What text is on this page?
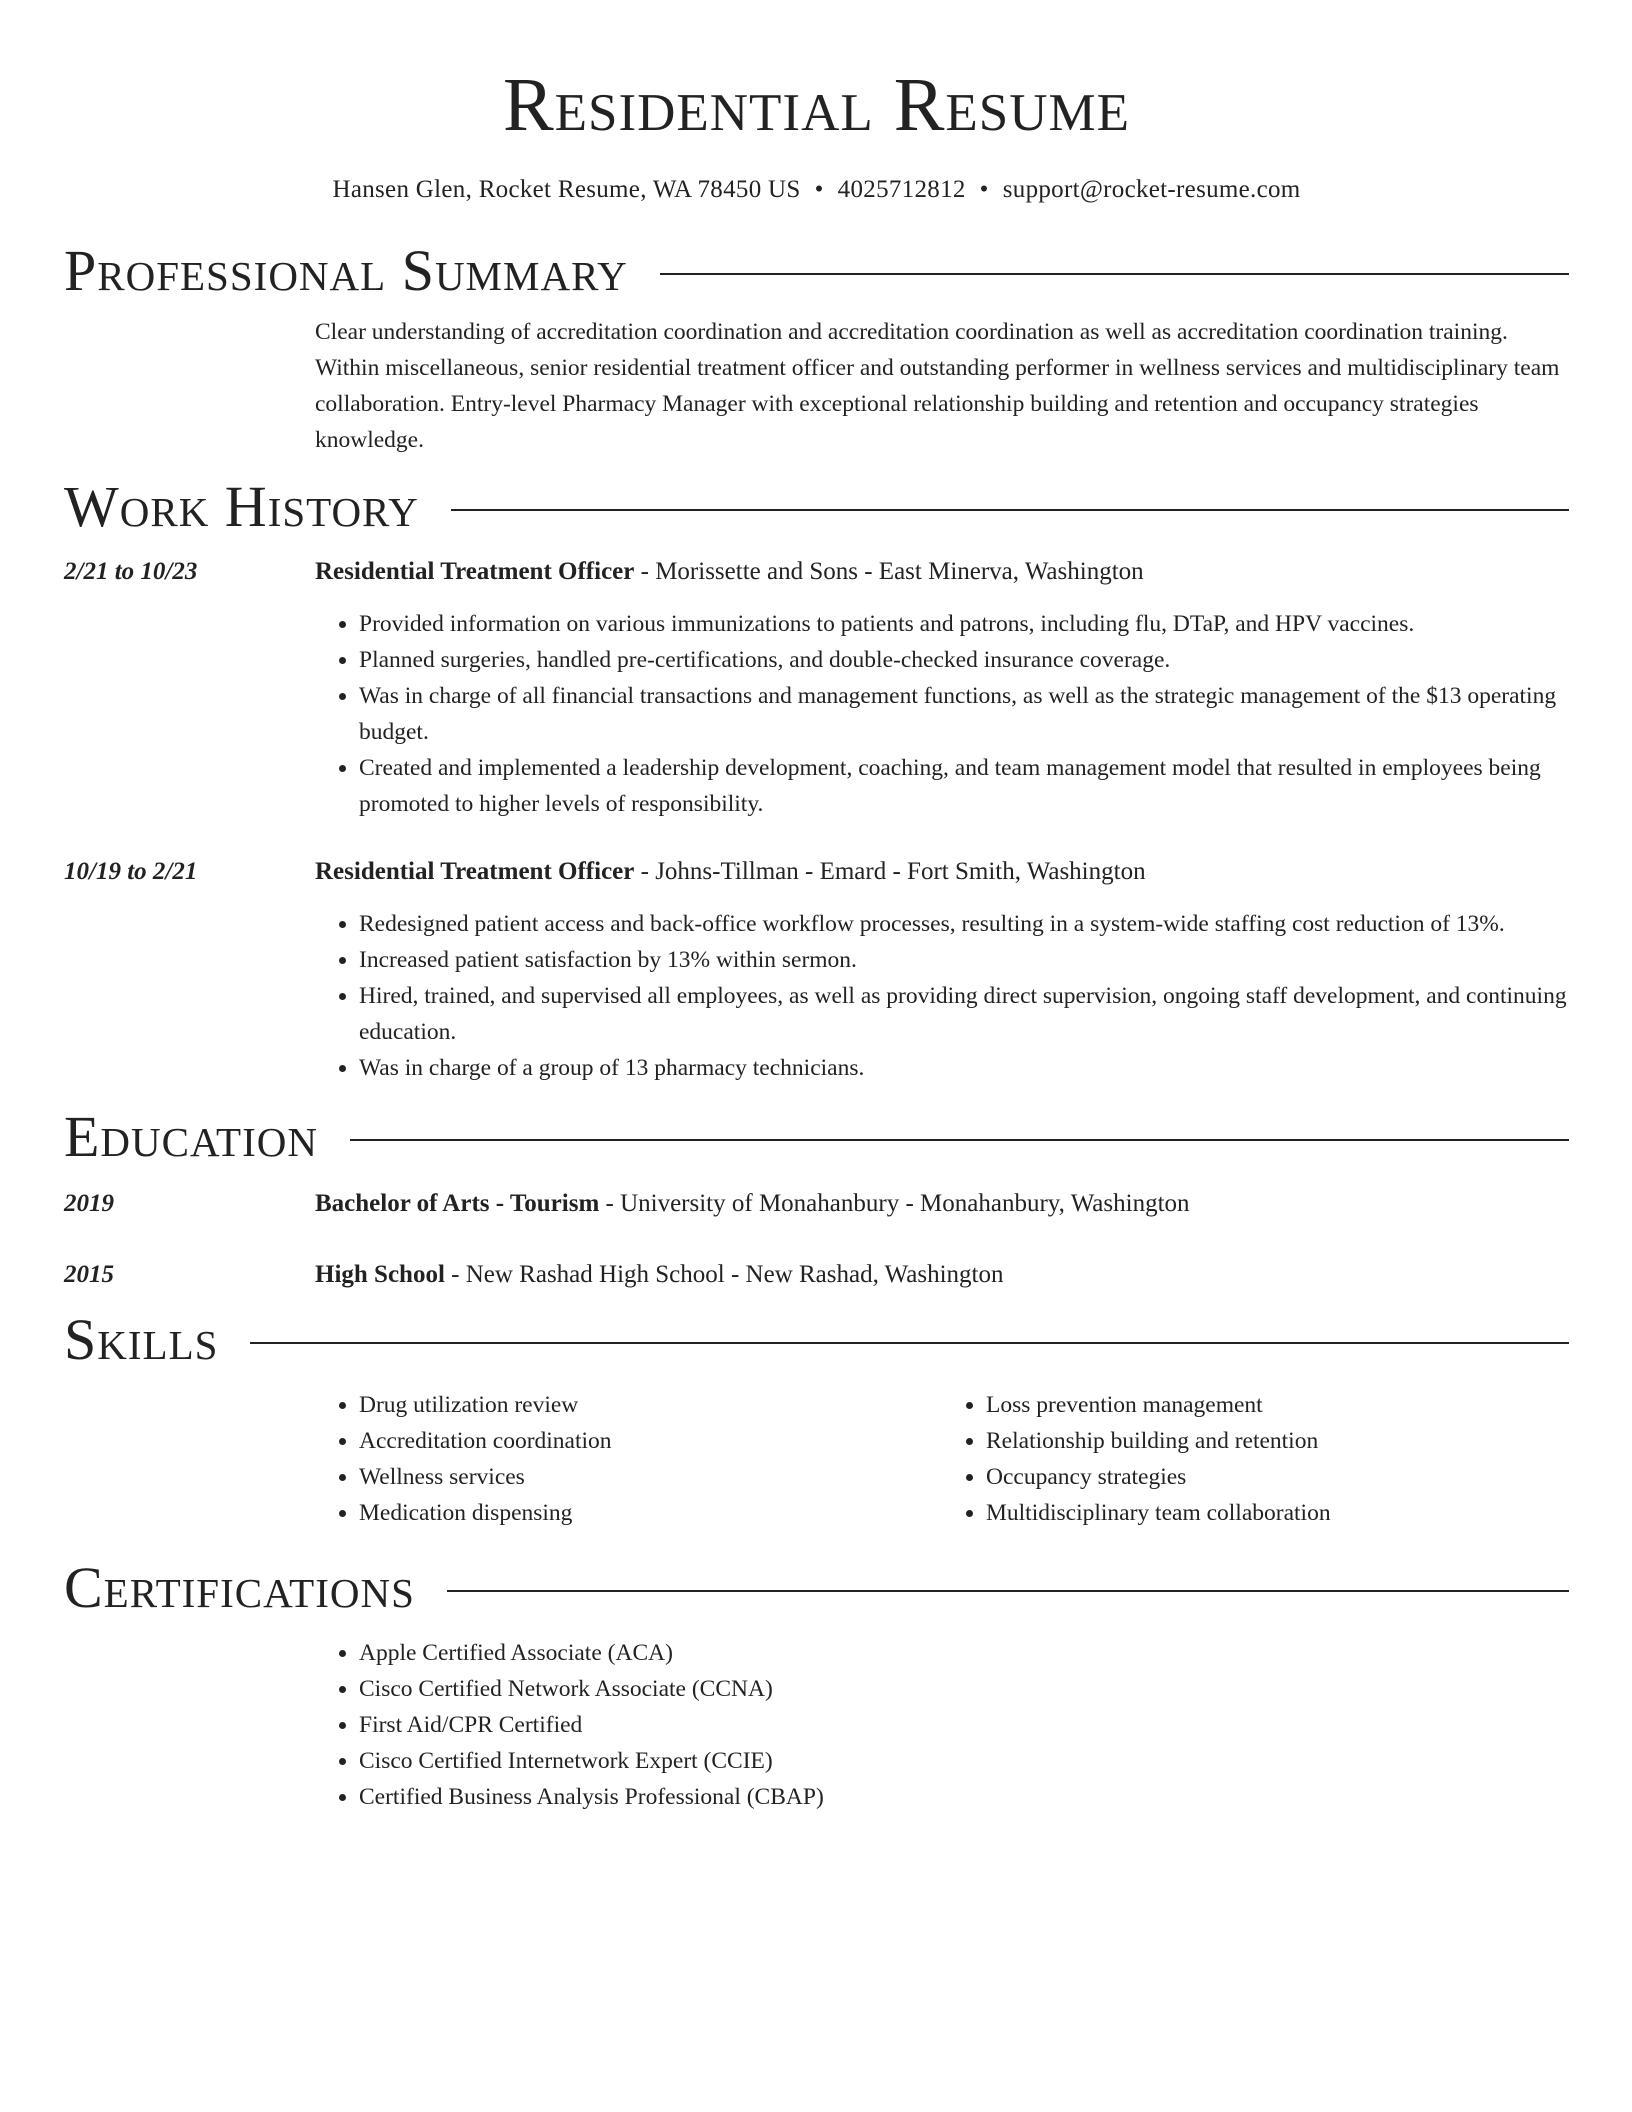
Residential Resume
Hansen Glen, Rocket Resume, WA 78450 US • 4025712812 • support@rocket-resume.com
Professional Summary

Clear understanding of accreditation coordination and accreditation coordination as well as accreditation coordination training. Within miscellaneous, senior residential treatment officer and outstanding performer in wellness services and multidisciplinary team collaboration. Entry-level Pharmacy Manager with exceptional relationship building and retention and occupancy strategies knowledge.

Work History
2/21 to 10/23	Residential Treatment Officer - Morissette and Sons - East Minerva, Washington
• Provided information on various immunizations to patients and patrons, including flu, DTaP, and HPV vaccines.
• Planned surgeries, handled pre-certifications, and double-checked insurance coverage.
• Was in charge of all financial transactions and management functions, as well as the strategic management of the $13 operating budget.
• Created and implemented a leadership development, coaching, and team management model that resulted in employees being promoted to higher levels of responsibility.
10/19 to 2/21	Residential Treatment Officer - Johns-Tillman - Emard - Fort Smith, Washington
• Redesigned patient access and back-office workflow processes, resulting in a system-wide staffing cost reduction of 13%.
• Increased patient satisfaction by 13% within sermon.
• Hired, trained, and supervised all employees, as well as providing direct supervision, ongoing staff development, and continuing education.
• Was in charge of a group of 13 pharmacy technicians.
Education
2019	Bachelor of Arts - Tourism - University of Monahanbury - Monahanbury, Washington
2015	High School - New Rashad High School - New Rashad, Washington
Skills
• Drug utilization review
• Accreditation coordination
• Wellness services
• Medication dispensing
• Loss prevention management
• Relationship building and retention
• Occupancy strategies
• Multidisciplinary team collaboration
Certifications
• Apple Certified Associate (ACA)
• Cisco Certified Network Associate (CCNA)
• First Aid/CPR Certified
• Cisco Certified Internetwork Expert (CCIE)
• Certified Business Analysis Professional (CBAP)
